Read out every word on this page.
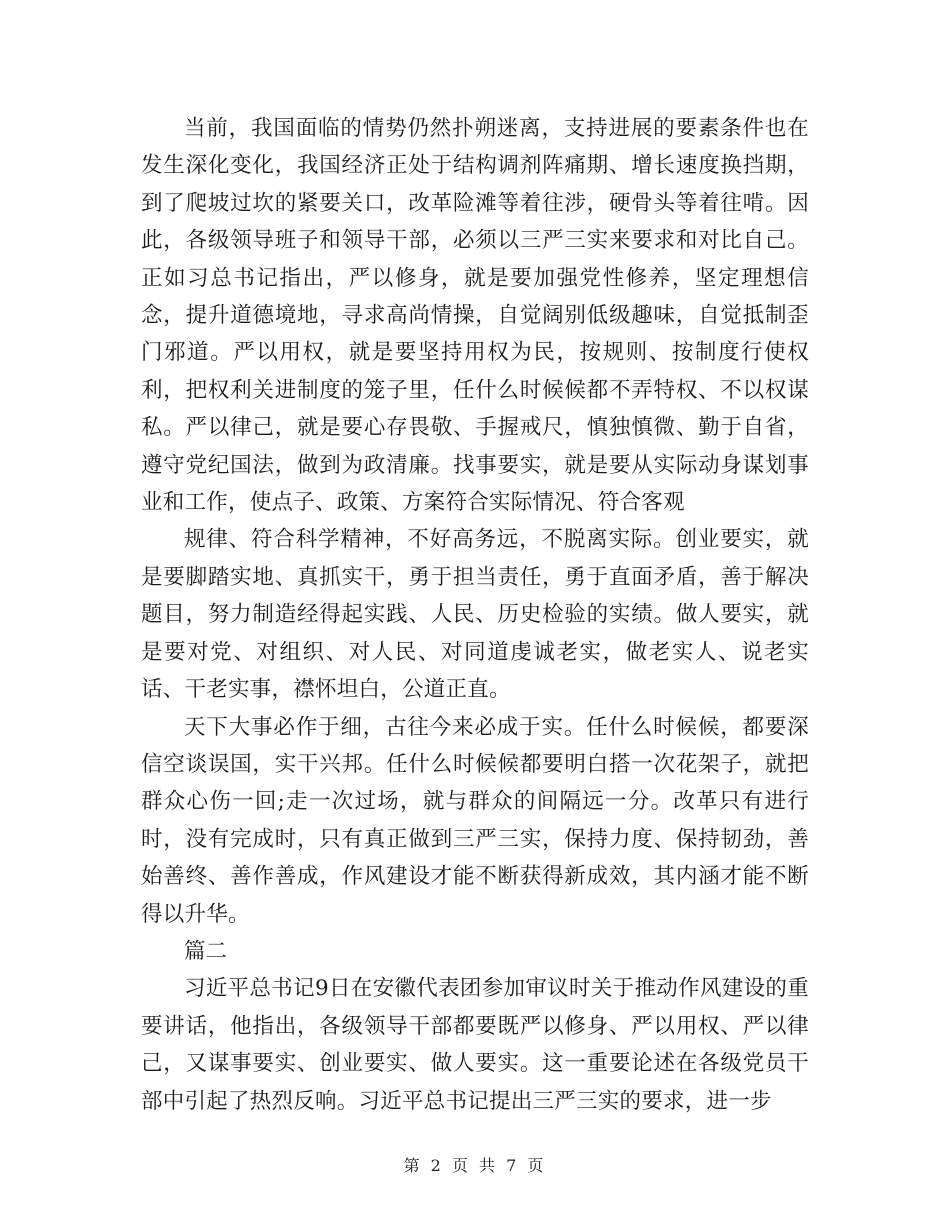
当前，我国面临的情势仍然扑朔迷离，支持进展的要素条件也在发生深化变化，我国经济正处于结构调剂阵痛期、增长速度换挡期，到了爬坡过坎的紧要关口，改革险滩等着往涉，硬骨头等着往啃。因此，各级领导班子和领导干部，必须以三严三实来要求和对比自己。正如习总书记指出，严以修身，就是要加强党性修养，坚定理想信念，提升道德境地，寻求高尚情操，自觉阔别低级趣味，自觉抵制歪门邪道。严以用权，就是要坚持用权为民，按规则、按制度行使权利，把权利关进制度的笼子里，任什么时候候都不弄特权、不以权谋私。严以律己，就是要心存畏敬、手握戒尺，慎独慎微、勤于自省，遵守党纪国法，做到为政清廉。找事要实，就是要从实际动身谋划事业和工作，使点子、政策、方案符合实际情况、符合客观

规律、符合科学精神，不好高务远，不脱离实际。创业要实，就是要脚踏实地、真抓实干，勇于担当责任，勇于直面矛盾，善于解决题目，努力制造经得起实践、人民、历史检验的实绩。做人要实，就是要对党、对组织、对人民、对同道虔诚老实，做老实人、说老实话、干老实事，襟怀坦白，公道正直。

天下大事必作于细，古往今来必成于实。任什么时候候，都要深信空谈误国，实干兴邦。任什么时候候都要明白搭一次花架子，就把群众心伤一回;走一次过场，就与群众的间隔远一分。改革只有进行时，没有完成时，只有真正做到三严三实，保持力度、保持韧劲，善始善终、善作善成，作风建设才能不断获得新成效，其内涵才能不断得以升华。

篇二

习近平总书记9日在安徽代表团参加审议时关于推动作风建设的重要讲话，他指出，各级领导干部都要既严以修身、严以用权、严以律己，又谋事要实、创业要实、做人要实。这一重要论述在各级党员干部中引起了热烈反响。习近平总书记提出三严三实的要求，进一步

第 2 页 共 7 页
